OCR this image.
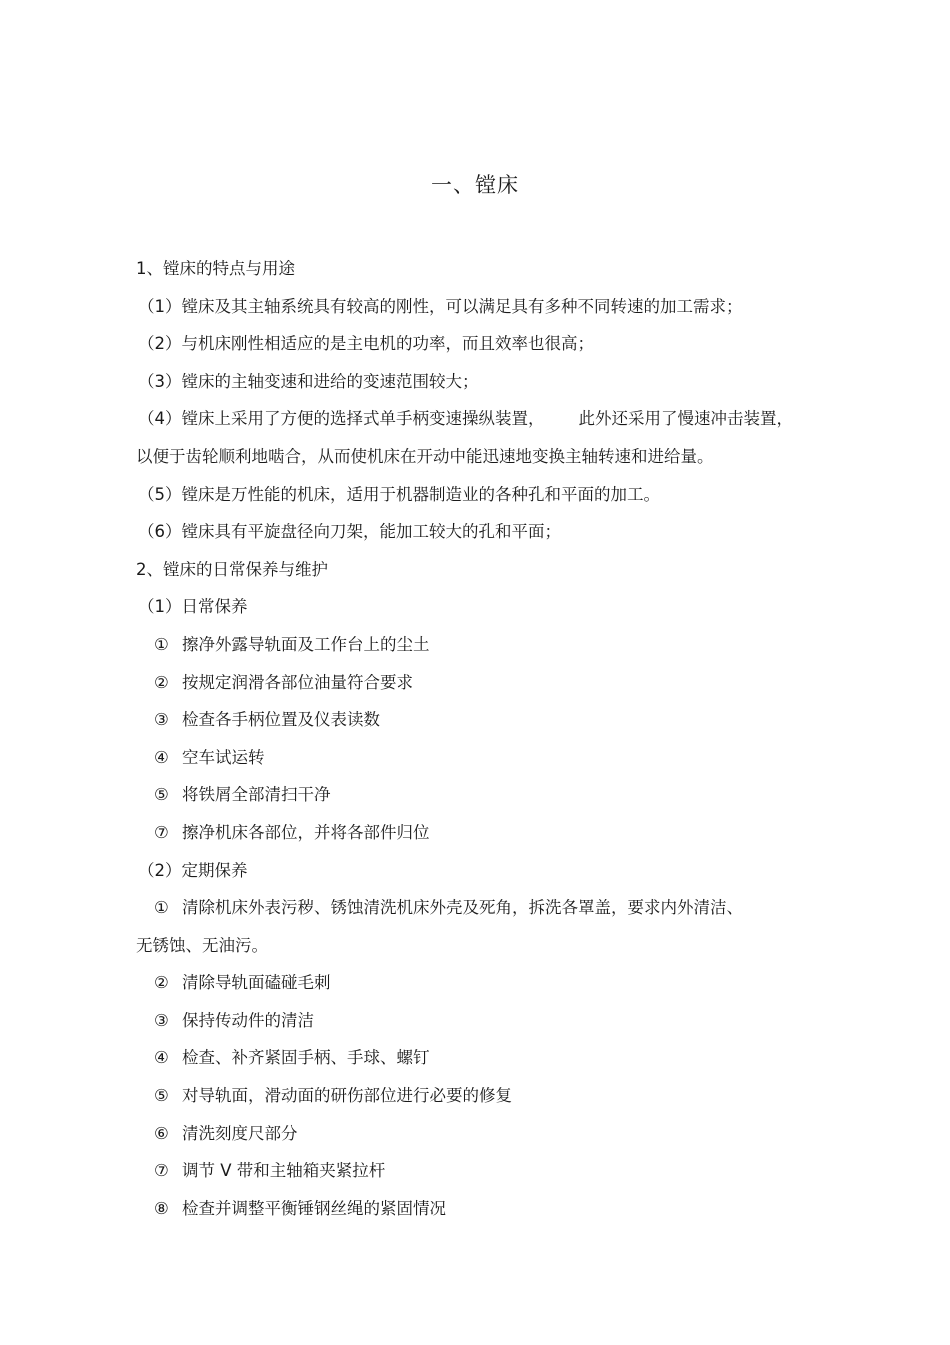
一、镗床
1、镗床的特点与用途
（1）镗床及其主轴系统具有较高的刚性，可以满足具有多种不同转速的加工需求；
（2）与机床刚性相适应的是主电机的功率，而且效率也很高；
（3）镗床的主轴变速和进给的变速范围较大；
（4）镗床上采用了方便的选择式单手柄变速操纵装置， 此外还采用了慢速冲击装置，
以便于齿轮顺利地啮合，从而使机床在开动中能迅速地变换主轴转速和进给量。
（5）镗床是万性能的机床，适用于机器制造业的各种孔和平面的加工。
（6）镗床具有平旋盘径向刀架，能加工较大的孔和平面；
2、镗床的日常保养与维护
（1）日常保养
① 擦净外露导轨面及工作台上的尘土
② 按规定润滑各部位油量符合要求
③ 检查各手柄位置及仪表读数
④ 空车试运转
⑤ 将铁屑全部清扫干净
⑦ 擦净机床各部位，并将各部件归位
（2）定期保养
① 清除机床外表污秽、锈蚀清洗机床外壳及死角，拆洗各罩盖，要求内外清洁、
无锈蚀、无油污。
② 清除导轨面磕碰毛刺
③ 保持传动件的清洁
④ 检查、补齐紧固手柄、手球、螺钉
⑤ 对导轨面，滑动面的研伤部位进行必要的修复
⑥ 清洗刻度尺部分
⑦ 调节 V 带和主轴箱夹紧拉杆
⑧ 检查并调整平衡锤钢丝绳的紧固情况
